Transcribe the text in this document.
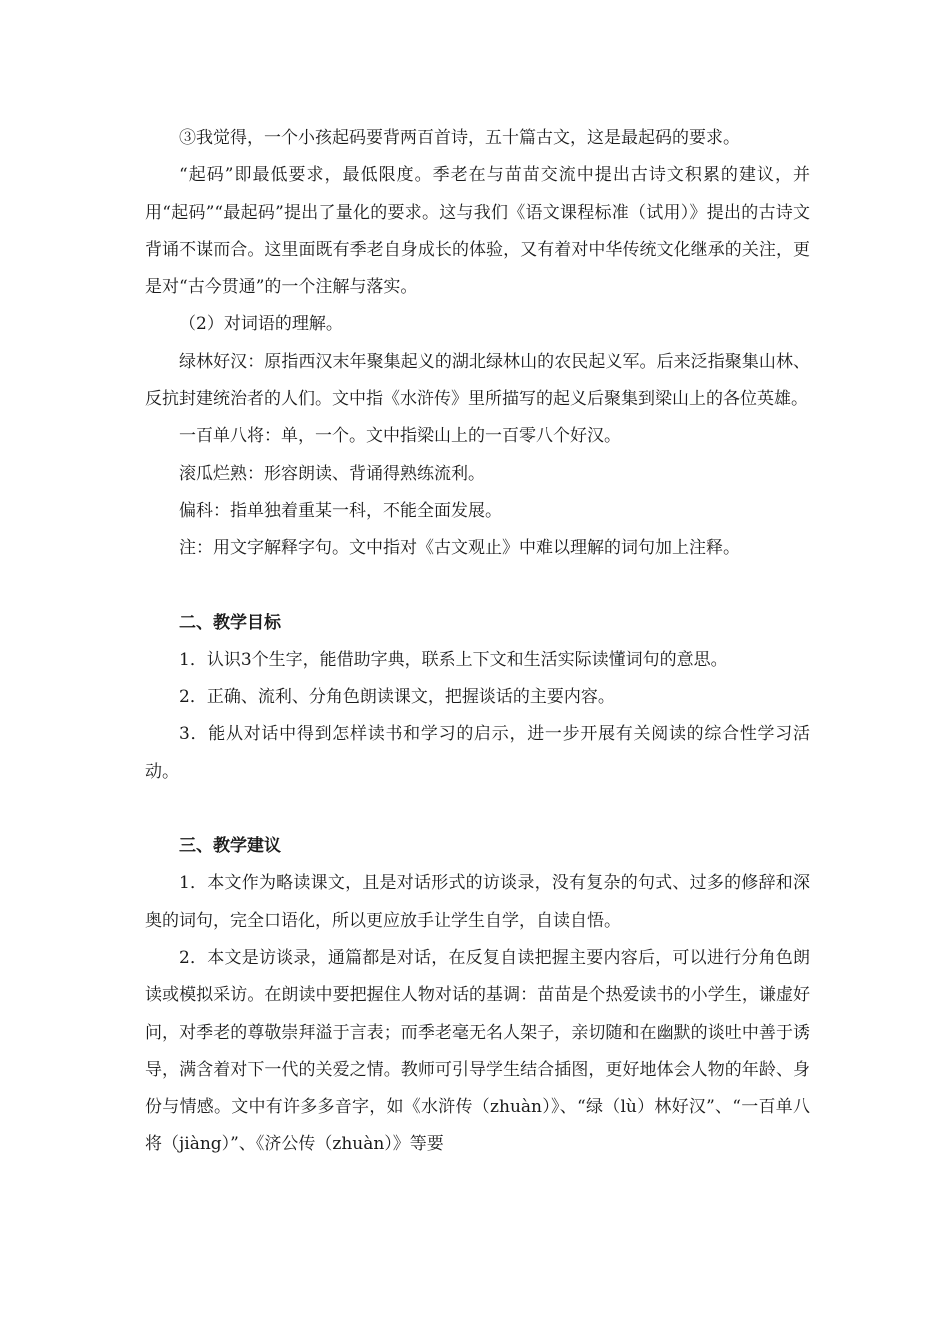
③我觉得，一个小孩起码要背两百首诗，五十篇古文，这是最起码的要求。
“起码”即最低要求，最低限度。季老在与苗苗交流中提出古诗文积累的建议，并用“起码”“最起码”提出了量化的要求。这与我们《语文课程标准（试用）》提出的古诗文背诵不谋而合。这里面既有季老自身成长的体验，又有着对中华传统文化继承的关注，更是对“古今贯通”的一个注解与落实。
（2）对词语的理解。
绿林好汉：原指西汉末年聚集起义的湖北绿林山的农民起义军。后来泛指聚集山林、反抗封建统治者的人们。文中指《水浒传》里所描写的起义后聚集到梁山上的各位英雄。
一百单八将：单，一个。文中指梁山上的一百零八个好汉。
滚瓜烂熟：形容朗读、背诵得熟练流利。
偏科：指单独着重某一科，不能全面发展。
注：用文字解释字句。文中指对《古文观止》中难以理解的词句加上注释。
二、教学目标
1．认识3个生字，能借助字典，联系上下文和生活实际读懂词句的意思。
2．正确、流利、分角色朗读课文，把握谈话的主要内容。
3．能从对话中得到怎样读书和学习的启示，进一步开展有关阅读的综合性学习活动。
三、教学建议
1．本文作为略读课文，且是对话形式的访谈录，没有复杂的句式、过多的修辞和深奥的词句，完全口语化，所以更应放手让学生自学，自读自悟。
2．本文是访谈录，通篇都是对话，在反复自读把握主要内容后，可以进行分角色朗读或模拟采访。在朗读中要把握住人物对话的基调：苗苗是个热爱读书的小学生，谦虚好问，对季老的尊敬崇拜溢于言表；而季老毫无名人架子，亲切随和在幽默的谈吐中善于诱导，满含着对下一代的关爱之情。教师可引导学生结合插图，更好地体会人物的年龄、身份与情感。文中有许多多音字，如《水浒传（zhuàn）》、“绿（lù）林好汉”、“一百单八将（jiàng）”、《济公传（zhuàn）》等要
